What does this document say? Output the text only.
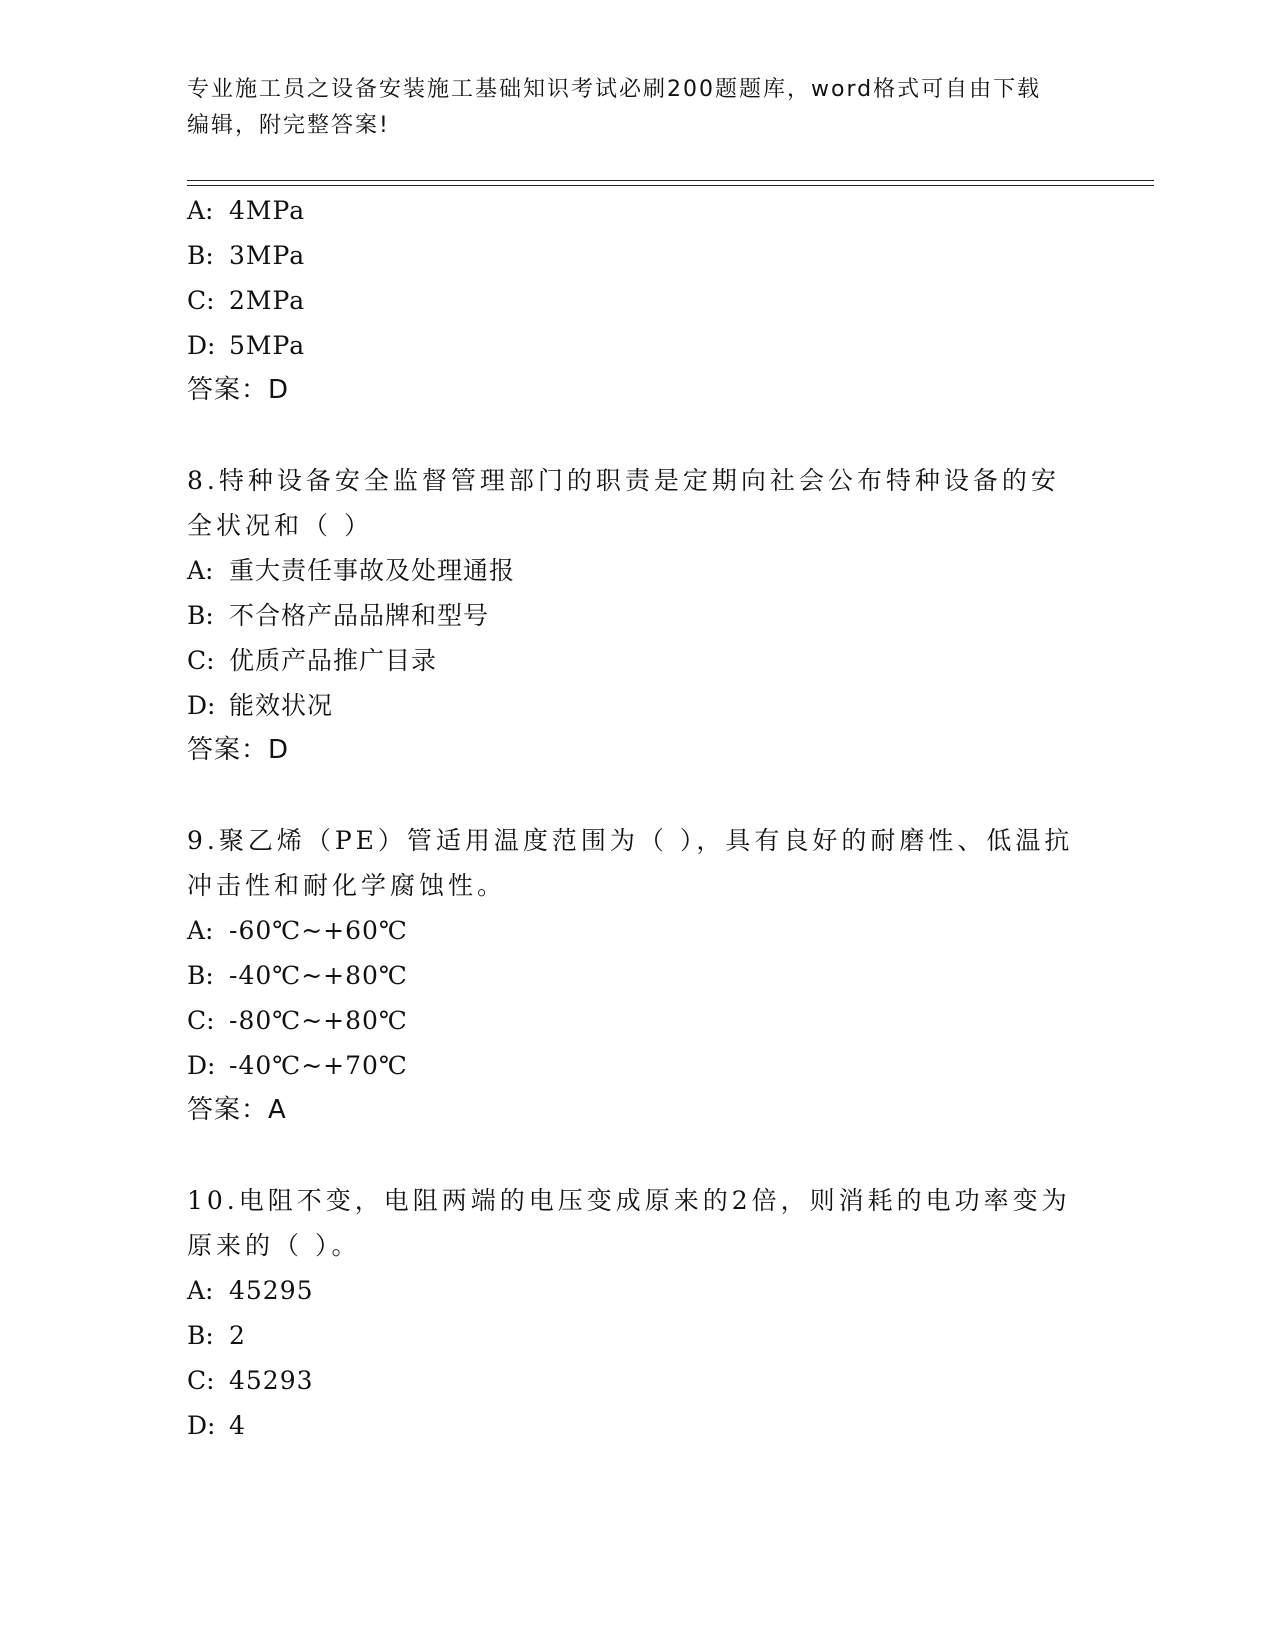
专业施工员之设备安装施工基础知识考试必刷200题题库，word格式可自由下载
编辑，附完整答案!
A: 4MPa
B: 3MPa
C: 2MPa
D: 5MPa
答案：D
8.特种设备安全监督管理部门的职责是定期向社会公布特种设备的安
全状况和（ ）
A: 重大责任事故及处理通报
B: 不合格产品品牌和型号
C: 优质产品推广目录
D: 能效状况
答案：D
9.聚乙烯（PE）管适用温度范围为（ ），具有良好的耐磨性、低温抗
冲击性和耐化学腐蚀性。
A: -60℃~+60℃
B: -40℃~+80℃
C: -80℃~+80℃
D: -40℃~+70℃
答案：A
10.电阻不变，电阻两端的电压变成原来的2倍，则消耗的电功率变为
原来的（ ）。
A: 45295
B: 2
C: 45293
D: 4
